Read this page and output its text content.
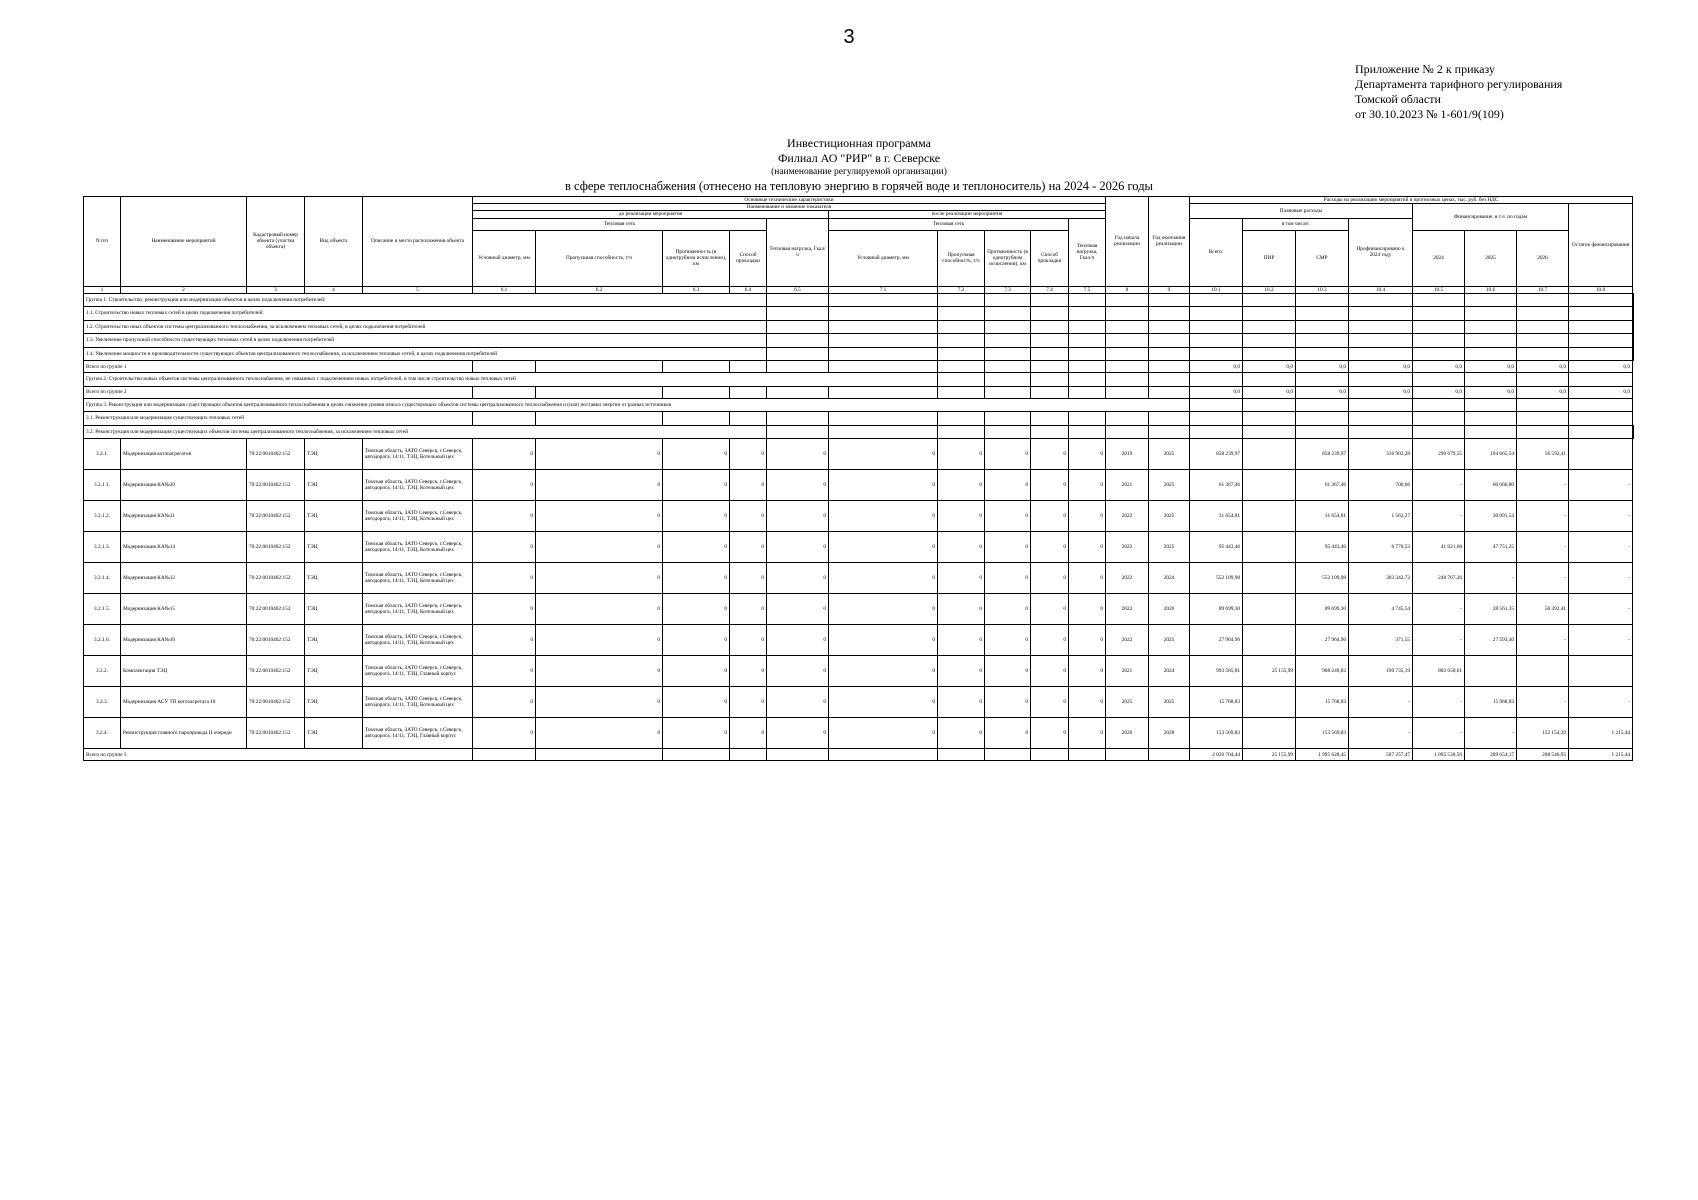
3
Приложение № 2 к приказу
Департамента тарифного регулирования
Томской области
от 30.10.2023 № 1-601/9(109)
Инвестиционная программа
Филиал АО "РИР" в г. Северске
(наименование регулируемой организации)
в сфере теплоснабжения (отнесено на тепловую энергию в горячей воде и теплоноситель) на 2024 - 2026 годы
N п/п	Наименование мероприятий	Кадастровый номер объекта (участка объекта)	Вид объекта	Описание и место расположения объекта	Основные технические характеристики										Год начала реализации	Год окончания реализации	Расходы на реализацию мероприятий в прогнозных ценах, тыс. руб. без НДС								
					Наименование и значение показателя												Плановые расходы				Финансирование, в т.ч. по годам			Остаток финансирования	
					до реализации мероприятия					после реализации мероприятия															
					Тепловая сеть				Тепловая нагрузка, Гкал/ч	Тепловая сеть				Тепловая нагрузка, Гкал/ч			Всего:	в том числе:		Профинансировано к 2024 году					
					Условный диаметр, мм	Пропускная способность, т/ч	Протяженность (в однотрубном исчислении), км	Способ прокладки		Условный диаметр, мм	Пропускная способность, т/ч	Протяженность (в однотрубном исчислении), км	Способ прокладки					ПИР	СМР		2024	2025	2026		

1	2	3	4	5	6.1	6.2	6.3	6.4	6.5	7.1	7.2	7.3	7.4	7.5	8	9	10.1	10.2	10.3	10.4	10.5	10.6	10.7	10.8	
Группа 1. Строительство, реконструкция или модернизация объектов в целях подключения потребителей:																									
1.1. Строительство новых тепловых сетей в целях подключения потребителей:																									
1.2. Строительство иных объектов системы централизованного теплоснабжения, за исключением тепловых сетей, в целях подключения потребителей																									
1.3. Увеличение пропускной способности существующих тепловых сетей в целях подключения потребителей																									
1.4. Увеличение мощности и производительности существующих объектов централизованного теплоснабжения, за исключением тепловых сетей, в целях подключения потребителей																									
Всего по группе 1																	0,0	0,0	0,0	0,0	0,0	0,0	0,0	0,0	
Группа 2. Строительство новых объектов системы централизованного теплоснабжения, не связанных с подключением новых потребителей, в том числе строительство новых тепловых сетей																									
Всего по группе 2																	0,0	0,0	0,0	0,0	0,0	0,0	0,0	0,0	
Группа 3. Реконструкция или модернизация существующих объектов централизованного теплоснабжения в целях снижения уровня износа существующих объектов системы централизованного теплоснабжения и (или) поставки энергии от разных источников																									
3.1. Реконструкция или модернизация существующих тепловых сетей																									
3.2. Реконструкция или модернизация существующих объектов системы централизованного теплоснабжения, за исключением тепловых сетей																									
3.2.1.	Модернизация котлоагрегатов	70:22:0010402:152	ТЭЦ	Томская область, ЗАТО Северск, г.Северск, автодорога, 14/11, ТЭЦ, Котельный цех	0	0	0	0	0	0	0	0	0	0	2019	2025	858 239,97		858 239,97	316 902,28	290 679,55	194 665,54	56 592,41		
3.2.1.1.	Модернизация КА№20	70:22:0010402:152	ТЭЦ	Томская область, ЗАТО Северск, г.Северск, автодорога, 14/11, ТЭЦ, Котельный цех	0	0	0	0	0	0	0	0	0	0	2021	2025	61 367,46		61 367,46	700,66	-	60 666,80	-	-	
3.2.1.2.	Модернизация КА№11	70:22:0010402:152	ТЭЦ	Томская область, ЗАТО Северск, г.Северск, автодорога, 14/11, ТЭЦ, Котельный цех	0	0	0	0	0	0	0	0	0	0	2022	2025	31 654,81		31 654,81	1 563,27	-	30 091,54	-	-	
3.2.1.3.	Модернизация КА№14	70:22:0010402:152	ТЭЦ	Томская область, ЗАТО Северск, г.Северск, автодорога, 14/11, ТЭЦ, Котельный цех	0	0	0	0	0	0	0	0	0	0	2022	2025	95 443,46		95 443,46	6 770,53	41 921,68	47 751,25	-	-	
3.2.1.4.	Модернизация КА№12	70:22:0010402:152	ТЭЦ	Томская область, ЗАТО Северск, г.Северск, автодорога, 14/11, ТЭЦ, Котельный цех	0	0	0	0	0	0	0	0	0	0	2022	2024	552 109,98		552 109,98	303 342,72	248 767,26	-	-	-	
3.2.1.5.	Модернизация КА№15	70:22:0010402:152	ТЭЦ	Томская область, ЗАТО Северск, г.Северск, автодорога, 14/11, ТЭЦ, Котельный цех	0	0	0	0	0	0	0	0	0	0	2022	2026	89 699,30		89 699,30	4 745,54	-	28 561,35	56 392,41	-	
3.2.1.6.	Модернизация КА№10	70:22:0010402:152	ТЭЦ	Томская область, ЗАТО Северск, г.Северск, автодорога, 14/11, ТЭЦ, Котельный цех	0	0	0	0	0	0	0	0	0	0	2022	2025	27 964,96		27 964,96	371,55	-	27 593,40	-	-	
3.2.2.	Комплектация ТЭЦ	70:22:0010402:152	ТЭЦ	Томская область, ЗАТО Северск, г.Северск, автодорога, 14/11, ТЭЦ, Главный корпус	0	0	0	0	0	0	0	0	0	0	2021	2024	993 585,81	25 155,99	968 249,82	190 735,19	802 650,61				
3.2.3.	Модернизация АСУ ТП котлоагрегата 10	70:22:0010402:152	ТЭЦ	Томская область, ЗАТО Северск, г.Северск, автодорога, 14/11, ТЭЦ, Котельный цех	0	0	0	0	0	0	0	0	0	0	2025	2025	15 768,83		15 768,83	-	-	15 968,83	-	-	
3.2.4.	Реконструкция главного паропровода II очереди	70:22:0010402:152	ТЭЦ	Томская область, ЗАТО Северск, г.Северск, автодорога, 14/11, ТЭЦ, Главный корпус	0	0	0	0	0	0	0	0	0	0	2026	2028	153 569,83		153 569,83	-	-	-	152 154,39	1 215,44	
Всего по группе 3																	2 020 704,44	25 155,99	1 995 628,45	507 257,47	1 095 530,56	209 654,17	208 546,95	1 215,44	
